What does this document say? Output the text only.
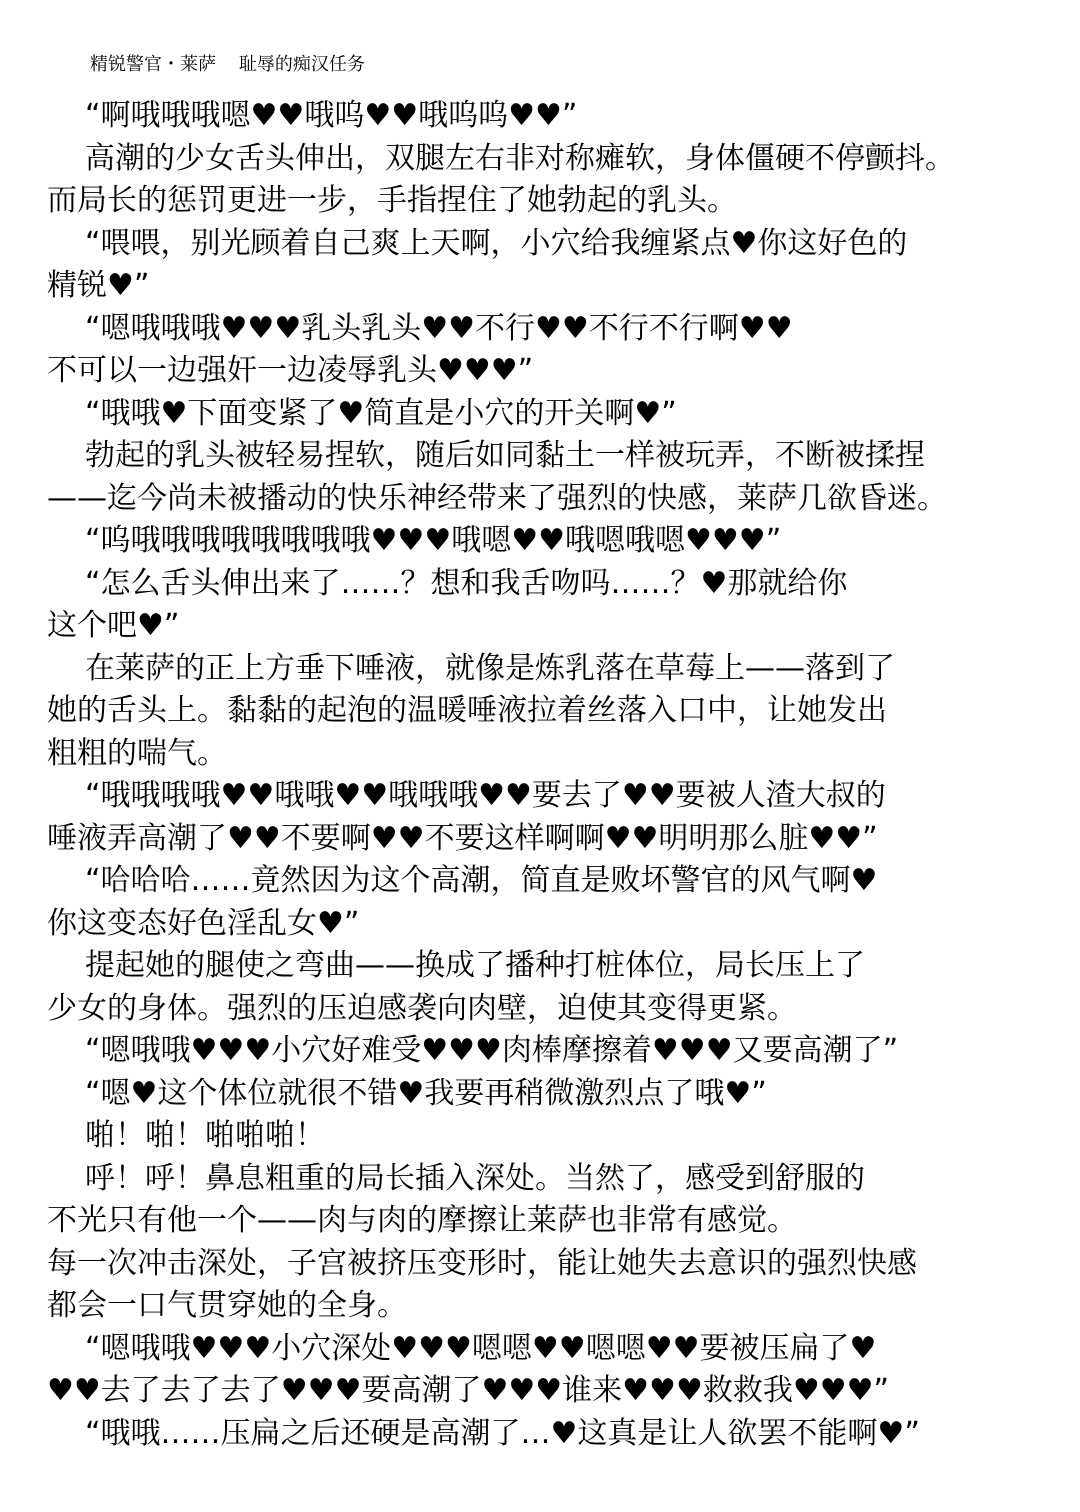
精锐警官・莱萨 耻辱的痴汉任务
“啊哦哦哦嗯♥♥哦呜♥♥哦呜呜♥♥”
高潮的少女舌头伸出，双腿左右非对称瘫软，身体僵硬不停颤抖。
而局长的惩罚更进一步，手指捏住了她勃起的乳头。
“喂喂，别光顾着自己爽上天啊，小穴给我缠紧点♥你这好色的
精锐♥”
“嗯哦哦哦♥♥♥乳头乳头♥♥不行♥♥不行不行啊♥♥
不可以一边强奸一边凌辱乳头♥♥♥”
“哦哦♥下面变紧了♥简直是小穴的开关啊♥”
勃起的乳头被轻易捏软，随后如同黏土一样被玩弄，不断被揉捏
——迄今尚未被播动的快乐神经带来了强烈的快感，莱萨几欲昏迷。
“呜哦哦哦哦哦哦哦哦♥♥♥哦嗯♥♥哦嗯哦嗯♥♥♥”
“怎么舌头伸出来了……？想和我舌吻吗……？♥那就给你
这个吧♥”
在莱萨的正上方垂下唾液，就像是炼乳落在草莓上——落到了
她的舌头上。黏黏的起泡的温暖唾液拉着丝落入口中，让她发出
粗粗的喘气。
“哦哦哦哦♥♥哦哦♥♥哦哦哦♥♥要去了♥♥要被人渣大叔的
唾液弄高潮了♥♥不要啊♥♥不要这样啊啊♥♥明明那么脏♥♥”
“哈哈哈……竟然因为这个高潮，简直是败坏警官的风气啊♥
你这变态好色淫乱女♥”
提起她的腿使之弯曲——换成了播种打桩体位，局长压上了
少女的身体。强烈的压迫感袭向肉壁，迫使其变得更紧。
“嗯哦哦♥♥♥小穴好难受♥♥♥肉棒摩擦着♥♥♥又要高潮了”
“嗯♥这个体位就很不错♥我要再稍微激烈点了哦♥”
啪！啪！啪啪啪！
呼！呼！鼻息粗重的局长插入深处。当然了，感受到舒服的
不光只有他一个——肉与肉的摩擦让莱萨也非常有感觉。
每一次冲击深处，子宫被挤压变形时，能让她失去意识的强烈快感
都会一口气贯穿她的全身。
“嗯哦哦♥♥♥小穴深处♥♥♥嗯嗯♥♥嗯嗯♥♥要被压扁了♥
♥♥去了去了去了♥♥♥要高潮了♥♥♥谁来♥♥♥救救我♥♥♥”
“哦哦……压扁之后还硬是高潮了…♥这真是让人欲罢不能啊♥”
